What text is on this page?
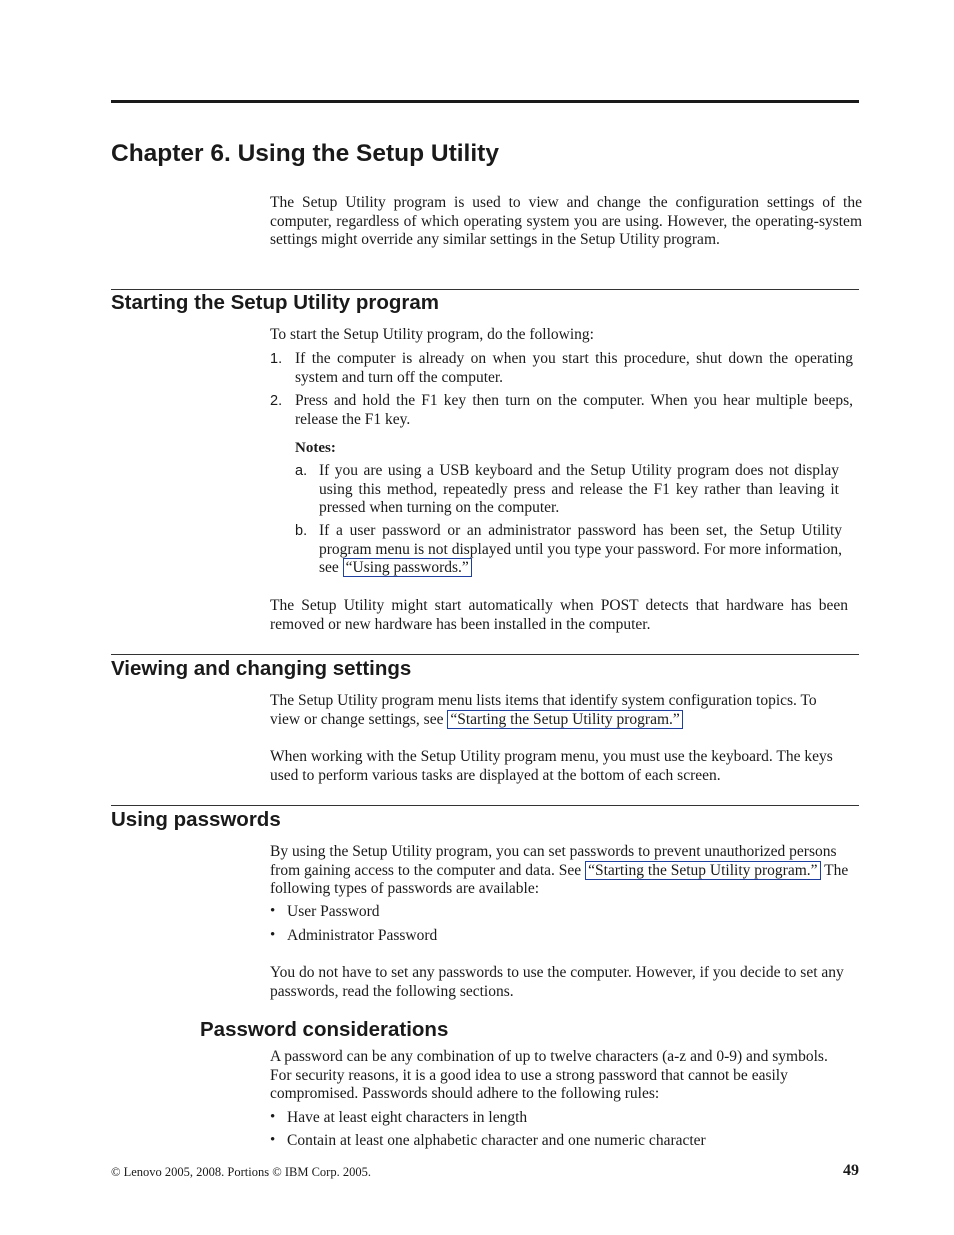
Chapter 6. Using the Setup Utility

The Setup Utility program is used to view and change the configuration settings of the computer, regardless of which operating system you are using. However, the operating-system settings might override any similar settings in the Setup Utility program.

Starting the Setup Utility program

To start the Setup Utility program, do the following:

1. If the computer is already on when you start this procedure, shut down the operating system and turn off the computer.

2. Press and hold the F1 key then turn on the computer. When you hear multiple beeps, release the F1 key.

Notes:

a. If you are using a USB keyboard and the Setup Utility program does not display using this method, repeatedly press and release the F1 key rather than leaving it pressed when turning on the computer.

b. If a user password or an administrator password has been set, the Setup Utility program menu is not displayed until you type your password. For more information, see “Using passwords.”

The Setup Utility might start automatically when POST detects that hardware has been removed or new hardware has been installed in the computer.

Viewing and changing settings

The Setup Utility program menu lists items that identify system configuration topics. To view or change settings, see “Starting the Setup Utility program.”

When working with the Setup Utility program menu, you must use the keyboard. The keys used to perform various tasks are displayed at the bottom of each screen.

Using passwords

By using the Setup Utility program, you can set passwords to prevent unauthorized persons from gaining access to the computer and data. See “Starting the Setup Utility program.” The following types of passwords are available:

• User Password

• Administrator Password

You do not have to set any passwords to use the computer. However, if you decide to set any passwords, read the following sections.

Password considerations

A password can be any combination of up to twelve characters (a-z and 0-9) and symbols. For security reasons, it is a good idea to use a strong password that cannot be easily compromised. Passwords should adhere to the following rules:

• Have at least eight characters in length

• Contain at least one alphabetic character and one numeric character

© Lenovo 2005, 2008. Portions © IBM Corp. 2005.	49
